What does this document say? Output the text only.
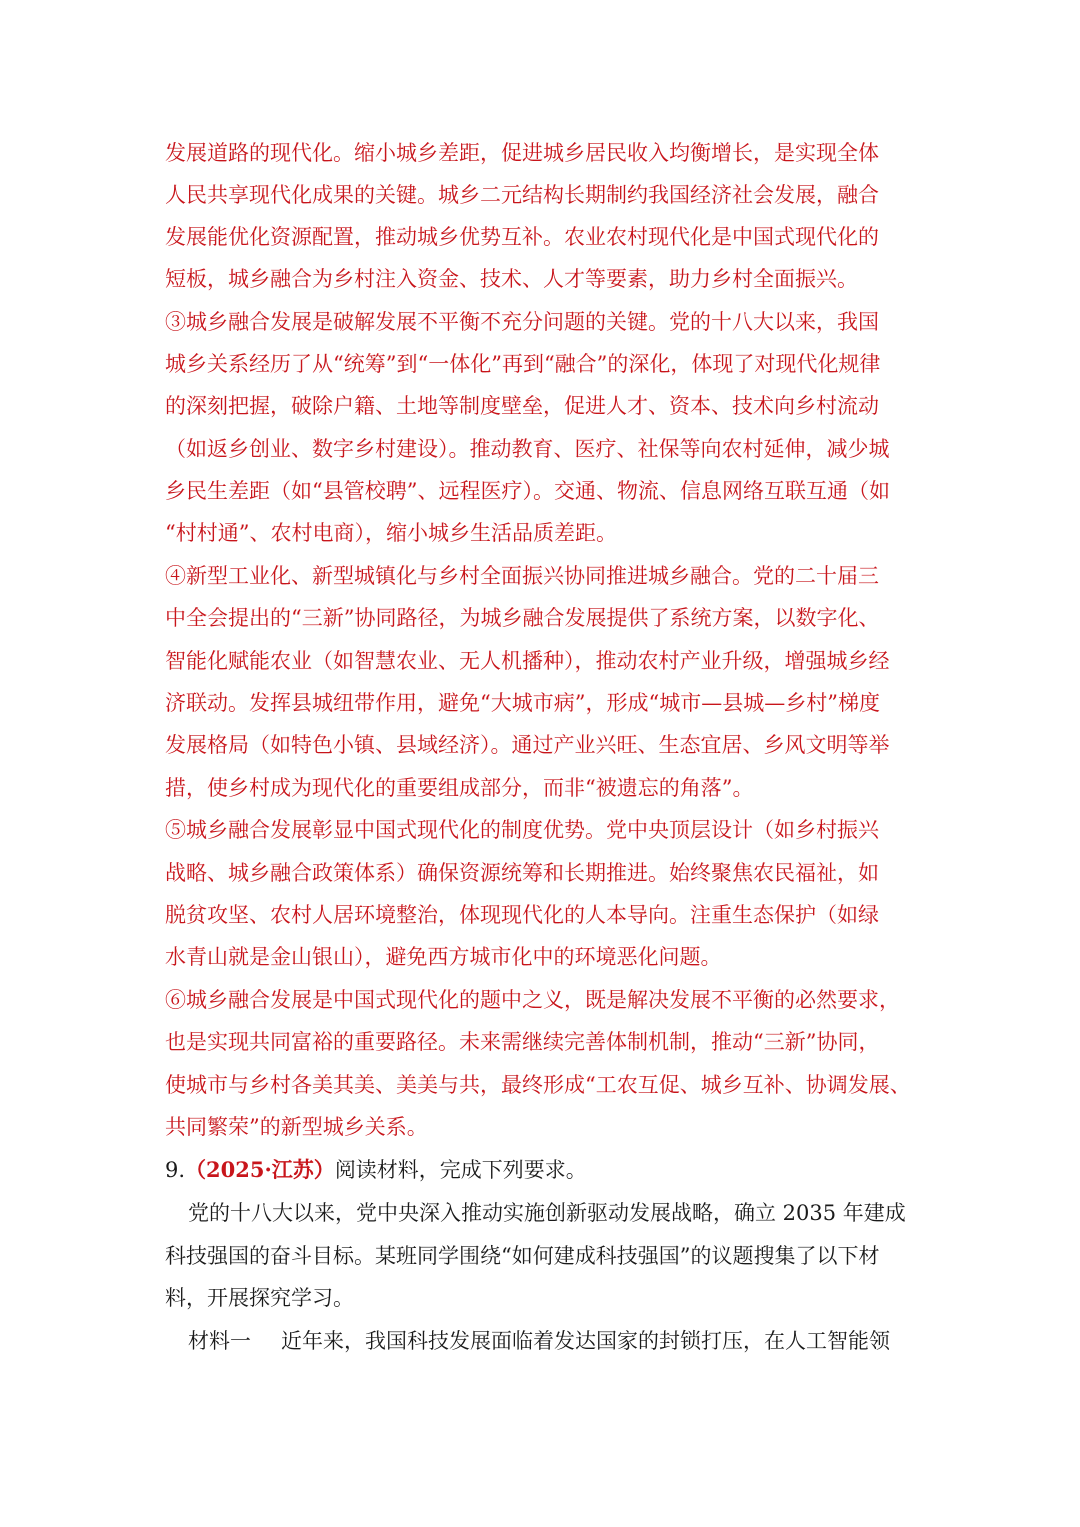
发展道路的现代化。缩小城乡差距，促进城乡居民收入均衡增长，是实现全体
人民共享现代化成果的关键。城乡二元结构长期制约我国经济社会发展，融合
发展能优化资源配置，推动城乡优势互补。农业农村现代化是中国式现代化的
短板，城乡融合为乡村注入资金、技术、人才等要素，助力乡村全面振兴。
③城乡融合发展是破解发展不平衡不充分问题的关键。党的十八大以来，我国
城乡关系经历了从“统筹”到“一体化”再到“融合”的深化，体现了对现代化规律
的深刻把握，破除户籍、土地等制度壁垒，促进人才、资本、技术向乡村流动
（如返乡创业、数字乡村建设）。推动教育、医疗、社保等向农村延伸，减少城
乡民生差距（如“县管校聘”、远程医疗）。交通、物流、信息网络互联互通（如
“村村通”、农村电商），缩小城乡生活品质差距。
④新型工业化、新型城镇化与乡村全面振兴协同推进城乡融合。党的二十届三
中全会提出的“三新”协同路径，为城乡融合发展提供了系统方案，以数字化、
智能化赋能农业（如智慧农业、无人机播种），推动农村产业升级，增强城乡经
济联动。发挥县城纽带作用，避免“大城市病”，形成“城市—县城—乡村”梯度
发展格局（如特色小镇、县域经济）。通过产业兴旺、生态宜居、乡风文明等举
措，使乡村成为现代化的重要组成部分，而非“被遗忘的角落”。
⑤城乡融合发展彰显中国式现代化的制度优势。党中央顶层设计（如乡村振兴
战略、城乡融合政策体系）确保资源统筹和长期推进。始终聚焦农民福祉，如
脱贫攻坚、农村人居环境整治，体现现代化的人本导向。注重生态保护（如绿
水青山就是金山银山），避免西方城市化中的环境恶化问题。
⑥城乡融合发展是中国式现代化的题中之义，既是解决发展不平衡的必然要求，
也是实现共同富裕的重要路径。未来需继续完善体制机制，推动“三新”协同，
使城市与乡村各美其美、美美与共，最终形成“工农互促、城乡互补、协调发展、
共同繁荣”的新型城乡关系。
9.（2025·江苏）阅读材料，完成下列要求。
党的十八大以来，党中央深入推动实施创新驱动发展战略，确立 2035 年建成
科技强国的奋斗目标。某班同学围绕“如何建成科技强国”的议题搜集了以下材
料，开展探究学习。
材料一 近年来，我国科技发展面临着发达国家的封锁打压，在人工智能领
